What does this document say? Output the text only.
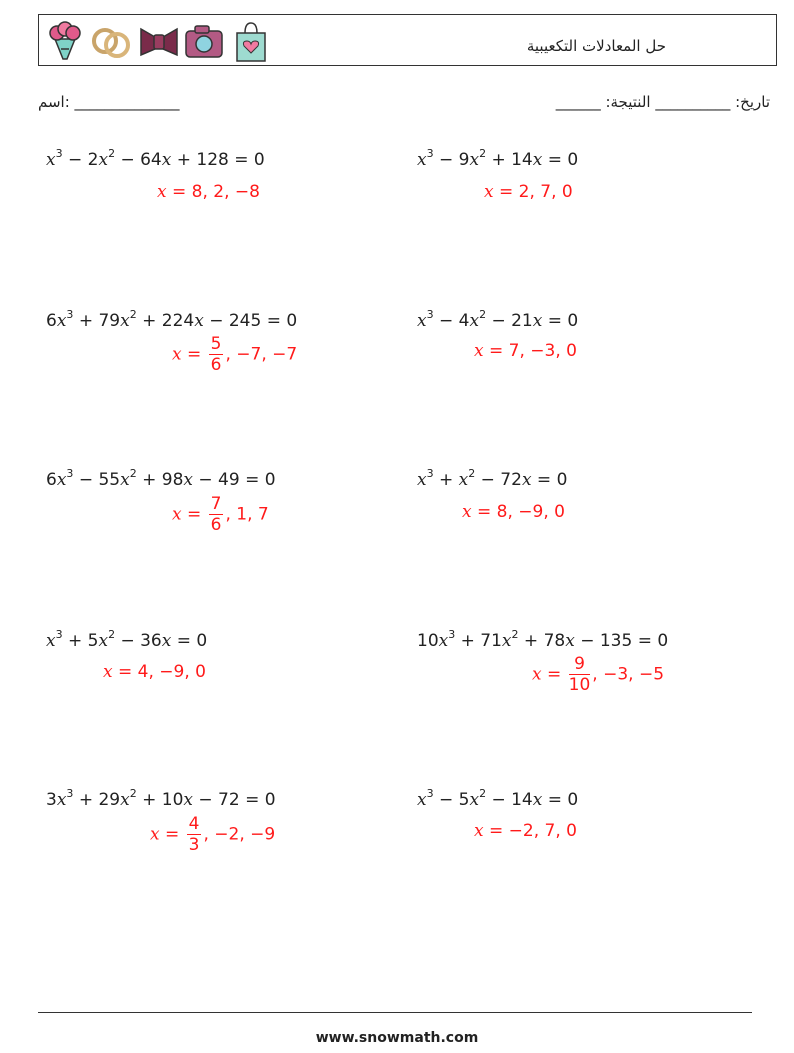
حل المعادلات التكعيبية
اسم: ______________	______ :تاريخ: __________ النتيجة
$x^3 - 2x^2 - 64x + 128 = 0$
x = 8, 2, −8
$x^3 - 9x^2 + 14x = 0$
x = 2, 7, 0
$6x^3 + 79x^2 + 224x - 245 = 0$
$x = \frac{5}{6}$ , −7, −7
$x^3 - 4x^2 - 21x = 0$
x = 7, −3, 0
$6x^3 - 55x^2 + 98x - 49 = 0$
$x = \frac{7}{6}$ , 1, 7
$x^3 + x^2 - 72x = 0$
x = 8, −9, 0
$x^3 + 5x^2 - 36x = 0$
x = 4, −9, 0
$10x^3 + 71x^2 + 78x - 135 = 0$
$x = \frac{9}{10}$ , −3, −5
$3x^3 + 29x^2 + 10x - 72 = 0$
$x = \frac{4}{3}$ , −2, −9
$x^3 - 5x^2 - 14x = 0$
x = −2, 7, 0
www.snowmath.com
